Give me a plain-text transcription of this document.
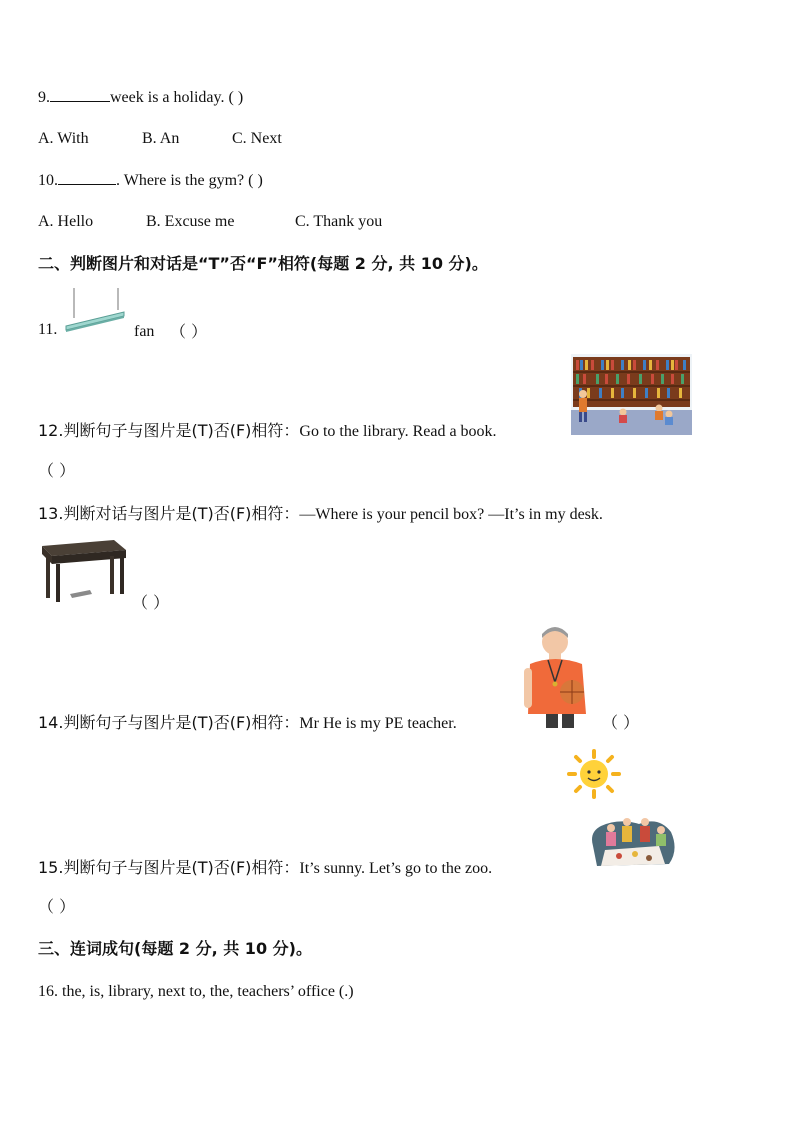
9.	week is a holiday. ( )
A. With	B. An	C. Next
10.	. Where is the gym? ( )
A. Hello	B. Excuse me	C. Thank you
二、判断图片和对话是“T”否“F”相符(每题 2 分, 共 10 分)。
11.	fan （ ）
12.判断句子与图片是(T)否(F)相符：Go to the library. Read a book.
（ ）
13.判断对话与图片是(T)否(F)相符：—Where is your pencil box? —It’s in my desk.
（ ）
14.判断句子与图片是(T)否(F)相符：Mr He is my PE teacher.	（ ）
15.判断句子与图片是(T)否(F)相符：It’s sunny. Let’s go to the zoo.
（ ）
三、连词成句(每题 2 分, 共 10 分)。
16. the, is, library, next to, the, teachers’ office (.)
